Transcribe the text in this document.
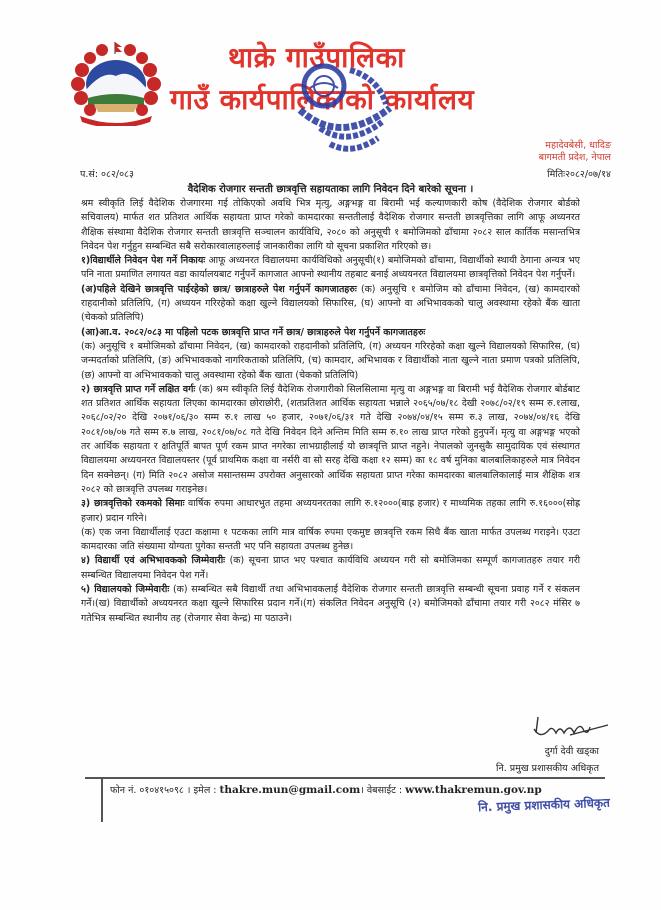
थाक्रे गाउँपालिका
गाउँ कार्यपालिकाको कार्यालय
महादेवबेसी, धादिङ
बागमती प्रदेश, नेपाल
प.सं: ०८२/०८३	मितिः२०८२/०७/१४
वैदेशिक रोजगार सन्तती छात्रवृत्ति सहायताका लागि निवेदन दिने बारेको सूचना ।

श्रम स्वीकृति लिई वैदेशिक रोजगारमा गई तोकिएको अवधि भित्र मृत्यु, अङ्गभङ्ग वा बिरामी भई कल्याणकारी कोष (वैदेशिक रोजगार बोर्डको सचिवालय) मार्फत शत प्रतिशत आर्थिक सहायता प्राप्त गरेको कामदारका सन्ततीलाई वैदेशिक रोजगार सन्तती छात्रवृत्तिका लागि आफू अध्यनरत शैक्षिक संस्थामा वैदेशिक रोजगार सन्तती छात्रवृत्ति सञ्चालन कार्यविधि, २०८० को अनुसूची १ बमोजिमको ढाँचामा २०८२ साल कार्तिक मसान्तभित्र निवेदन पेश गर्नुहुन सम्बन्धित सबै सरोकारवालाहरुलाई जानकारीका लागि यो सूचना प्रकाशित गरिएको छ।

१)विद्यार्थीले निवेदन पेश गर्ने निकायः आफू अध्यनरत विद्यालयमा कार्यविधिको अनुसूची(१) बमोजिमको ढाँचामा, विद्यार्थीको स्थायी ठेगाना अन्यत्र भए पनि नाता प्रमाणित लगायत वडा कार्यालयबाट गर्नुपर्ने कागजात आफ्नो स्थानीय तहबाट बनाई अध्ययनरत विद्यालयमा छात्रवृत्तिको निवेदन पेश गर्नुपर्ने।

(अ)पहिले देखिने छात्रवृत्ति पाईरहेको छात्र/ छात्राहरुले पेश गर्नुपर्ने कागजातहरुः (क) अनुसूचि १ बमोजिम को ढाँचामा निवेदन, (ख) कामदारको राहदानीको प्रतिलिपि, (ग) अध्ययन गरिरहेको कक्षा खुल्ने विद्यालयको सिफारिस, (घ) आफ्नो वा अभिभावकको चालु अवस्थामा रहेको बैंक खाता (चेकको प्रतिलिपि)

(आ)आ.व. २०८२/०८३ मा पहिलो पटक छात्रवृत्ति प्राप्त गर्ने छात्र/ छात्राहरुले पेश गर्नुपर्ने कागजातहरुः

(क) अनुसूचि १ बमोजिमको ढाँचामा निवेदन, (ख) कामदारको राहदानीको प्रतिलिपि, (ग) अध्ययन गरिरहेको कक्षा खुल्ने विद्यालयको सिफारिस, (घ) जन्मदर्ताको प्रतिलिपि, (ङ) अभिभावकको नागरिकताको प्रतिलिपि, (च) कामदार, अभिभावक र विद्यार्थीको नाता खुल्ने नाता प्रमाण पत्रको प्रतिलिपि, (छ) आफ्नो वा अभिभावकको चालु अवस्थामा रहेको बैंक खाता (चेकको प्रतिलिपि)

२) छात्रवृत्ति प्राप्त गर्ने लक्षित वर्गः (क) श्रम स्वीकृति लिई वैदेशिक रोजगारीको सिलसिलामा मृत्यु वा अङ्गभङ्ग वा बिरामी भई वैदेशिक रोजगार बोर्डबाट शत प्रतिशत आर्थिक सहायता लिएका कामदारका छोराछोरी, (शतप्रतिशत आर्थिक सहायता भन्नाले २०६५/०७/१८ देखी २०७८/०२/१९ सम्म रु.१लाख, २०६८/०२/२० देखि २०७१/०६/३० सम्म रु.१ लाख ५० हजार, २०७१/०६/३१ गते देखि २०७४/०४/१५ सम्म रु.३ लाख, २०७४/०४/१६ देखि २०८१/०७/०७ गते सम्म रु.७ लाख, २०८१/०७/०८ गते देखि निवेदन दिने अन्तिम मिति सम्म रु.१० लाख प्राप्त गरेको हुनुपर्ने। मृत्यु वा अङ्गभङ्ग भएको तर आर्थिक सहायता र क्षतिपूर्ति बापत पूर्ण रकम प्राप्त नगरेका लाभग्राहीलाई यो छात्रवृत्ति प्राप्त नहुने। नेपालको जुनसुकै सामुदायिक एवं संस्थागत विद्यालयमा अध्ययनरत विद्यालयस्तर (पूर्व प्राथमिक कक्षा वा नर्सरी वा सो सरह देखि कक्षा १२ सम्म) का १८ वर्ष मुनिका बालबालिकाहरुले मात्र निवेदन दिन सक्नेछन्। (ग) मिति २०८२ असोज मसान्तसम्म उपरोक्त अनुसारको आर्थिक सहायता प्राप्त गरेका कामदारका बालबालिकालाई मात्र शैक्षिक शत्र २०८२ को छात्रवृत्ति उपलब्ध गराइनेछ।

३) छात्रवृत्तिको रकमको सिमाः वार्षिक रुपमा आधारभुत तहमा अध्ययनरतका लागि रु.१२०००(बाह्र हजार) र माध्यमिक तहका लागि रु.१६०००(सोह्र हजार) प्रदान गरिने।

(क) एक जना विद्यार्थीलाई एउटा कक्षामा १ पटकका लागि मात्र वार्षिक रुपमा एकमुष्ट छात्रवृत्ति रकम सिधै बैंक खाता मार्फत उपलब्ध गराइने। एउटा कामदारका जति संख्यामा योग्यता पुगेका सन्तती भए पनि सहायता उपलब्ध हुनेछ।

४) विद्यार्थी एवं अभिभावकको जिम्मेवारीः (क) सूचना प्राप्त भए पश्चात कार्यविधि अध्ययन गरी सो बमोजिमका सम्पूर्ण कागजातहरु तयार गरी सम्बन्धित विद्यालयमा निवेदन पेश गर्ने।

५) विद्यालयको जिम्मेवारीः (क) सम्बन्धित सबै विद्यार्थी तथा अभिभावकलाई वैदेशिक रोजगार सन्तती छात्रवृत्ति सम्बन्धी सूचना प्रवाह गर्ने र संकलन गर्ने।(ख) विद्यार्थीको अध्ययनरत कक्षा खुल्ने सिफारिस प्रदान गर्ने।(ग) संकलित निवेदन अनुसूचि (२) बमोजिमको ढाँचामा तयार गरी २०८२ मंसिर ७ गतेभित्र सम्बन्धित स्थानीय तह (रोजगार सेवा केन्द्र) मा पठाउने।

दुर्गा देवी खड्का
नि. प्रमुख प्रशासकीय अधिकृत
फोन नं. ०१०४१५०९८ । इमेल : thakre.mun@gmail.com। वेबसाईट : www.thakremun.gov.np
नि. प्रमुख प्रशासकीय अधिकृत
